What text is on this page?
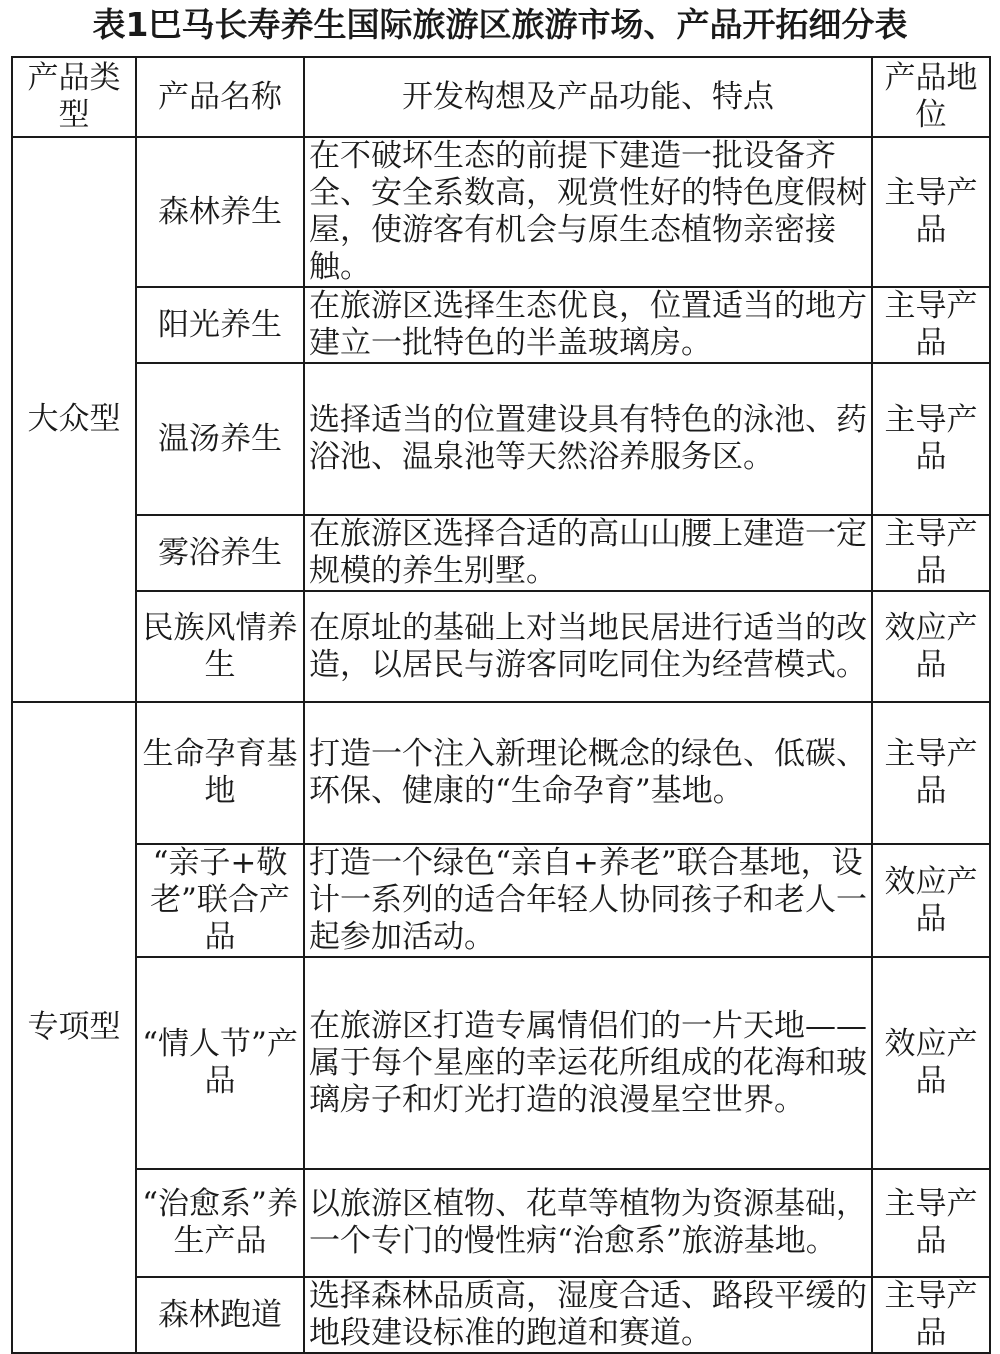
表1巴马长寿养生国际旅游区旅游市场、产品开拓细分表
产品类型	产品名称	开发构想及产品功能、特点	产品地位
大众型	森林养生	在不破坏生态的前提下建造一批设备齐全、安全系数高，观赏性好的特色度假树屋，使游客有机会与原生态植物亲密接触。	主导产品
	阳光养生	在旅游区选择生态优良，位置适当的地方建立一批特色的半盖玻璃房。	主导产品
	温汤养生	选择适当的位置建设具有特色的泳池、药浴池、温泉池等天然浴养服务区。	主导产品
	雾浴养生	在旅游区选择合适的高山山腰上建造一定规模的养生别墅。	主导产品
	民族风情养生	在原址的基础上对当地民居进行适当的改造，以居民与游客同吃同住为经营模式。	效应产品
专项型	生命孕育基地	打造一个注入新理论概念的绿色、低碳、环保、健康的“生命孕育”基地。	主导产品
	“亲子+敬老”联合产品	打造一个绿色“亲自+养老”联合基地，设计一系列的适合年轻人协同孩子和老人一起参加活动。	效应产品
	“情人节”产品	在旅游区打造专属情侣们的一片天地——属于每个星座的幸运花所组成的花海和玻璃房子和灯光打造的浪漫星空世界。	效应产品
	“治愈系”养生产品	以旅游区植物、花草等植物为资源基础，一个专门的慢性病“治愈系”旅游基地。	主导产品
	森林跑道	选择森林品质高，湿度合适、路段平缓的地段建设标准的跑道和赛道。	主导产品
